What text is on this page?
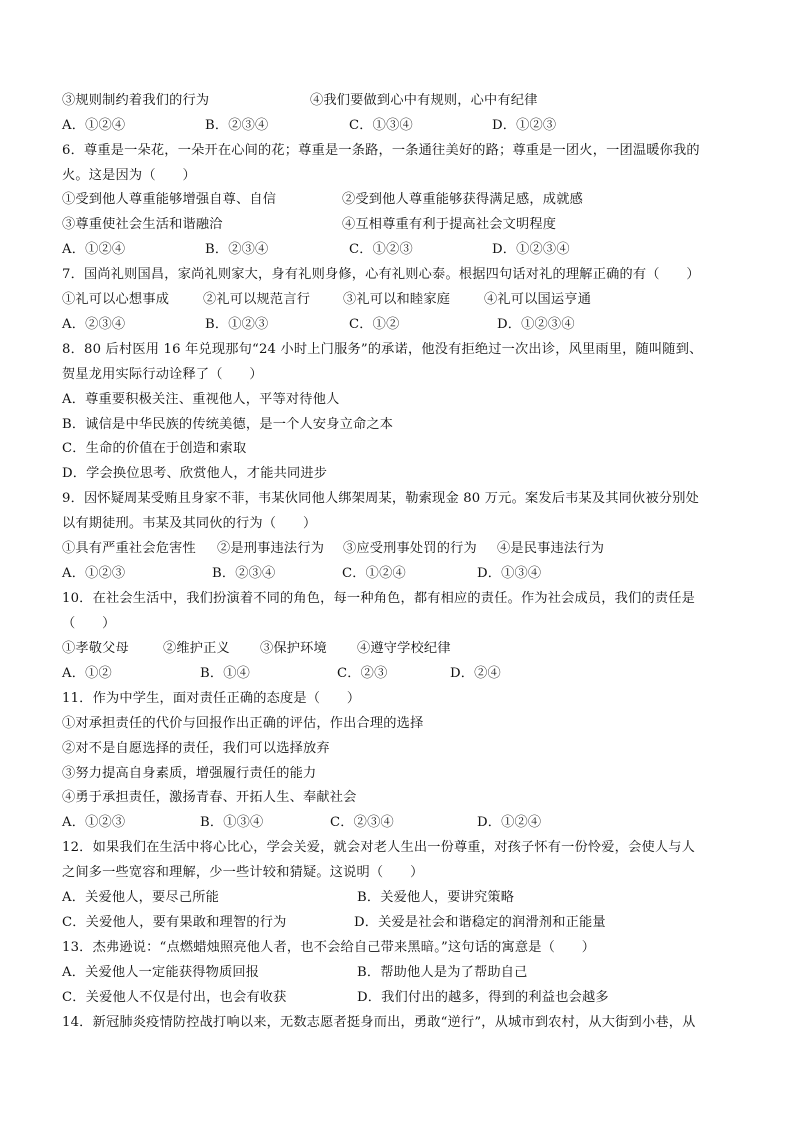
③规则制约着我们的行为	④我们要做到心中有规则，心中有纪律
A．①②④	B．②③④	C．①③④	D．①②③
6．尊重是一朵花，一朵开在心间的花；尊重是一条路，一条通往美好的路；尊重是一团火，一团温暖你我的
火。这是因为（　　）
①受到他人尊重能够增强自尊、自信	②受到他人尊重能够获得满足感，成就感
③尊重使社会生活和谐融洽	④互相尊重有利于提高社会文明程度
A．①②④	B．②③④	C．①②③	D．①②③④
7．国尚礼则国昌，家尚礼则家大，身有礼则身修，心有礼则心泰。根据四句话对礼的理解正确的有（　　）
①礼可以心想事成	②礼可以规范言行 ③礼可以和睦家庭	④礼可以国运亨通
A．②③④	B．①②③	C．①②	D．①②③④
8．80 后村医用 16 年兑现那句“24 小时上门服务”的承诺，他没有拒绝过一次出诊，风里雨里，随叫随到、
贺星龙用实际行动诠释了（　　）
A．尊重要积极关注、重视他人，平等对待他人
B．诚信是中华民族的传统美德，是一个人安身立命之本
C．生命的价值在于创造和索取
D．学会换位思考、欣赏他人，才能共同进步
9．因怀疑周某受贿且身家不菲，韦某伙同他人绑架周某，勒索现金 80 万元。案发后韦某及其同伙被分别处
以有期徒刑。韦某及其同伙的行为（　　）
①具有严重社会危害性 ②是刑事违法行为 ③应受刑事处罚的行为 ④是民事违法行为
A．①②③	B．②③④	C．①②④	D．①③④
10．在社会生活中，我们扮演着不同的角色，每一种角色，都有相应的责任。作为社会成员，我们的责任是
（　　）
①孝敬父母	②维护正义 ③保护环境 ④遵守学校纪律
A．①②	B．①④	C．②③	D．②④
11．作为中学生，面对责任正确的态度是（　　）
①对承担责任的代价与回报作出正确的评估，作出合理的选择
②对不是自愿选择的责任，我们可以选择放弃
③努力提高自身素质，增强履行责任的能力
④勇于承担责任，激扬青春、开拓人生、奉献社会
A．①②③	B．①③④	C．②③④	D．①②④
12．如果我们在生活中将心比心，学会关爱，就会对老人生出一份尊重，对孩子怀有一份怜爱，会使人与人
之间多一些宽容和理解，少一些计较和猜疑。这说明（　　）
A．关爱他人，要尽己所能	B．关爱他人，要讲究策略
C．关爱他人，要有果敢和理智的行为	D．关爱是社会和谐稳定的润滑剂和正能量
13．杰弗逊说：“点燃蜡烛照亮他人者，也不会给自己带来黑暗。”这句话的寓意是（　　）
A．关爱他人一定能获得物质回报	B．帮助他人是为了帮助自己
C．关爱他人不仅是付出，也会有收获	D．我们付出的越多，得到的利益也会越多
14．新冠肺炎疫情防控战打响以来，无数志愿者挺身而出，勇敢“逆行”，从城市到农村，从大街到小巷，从
